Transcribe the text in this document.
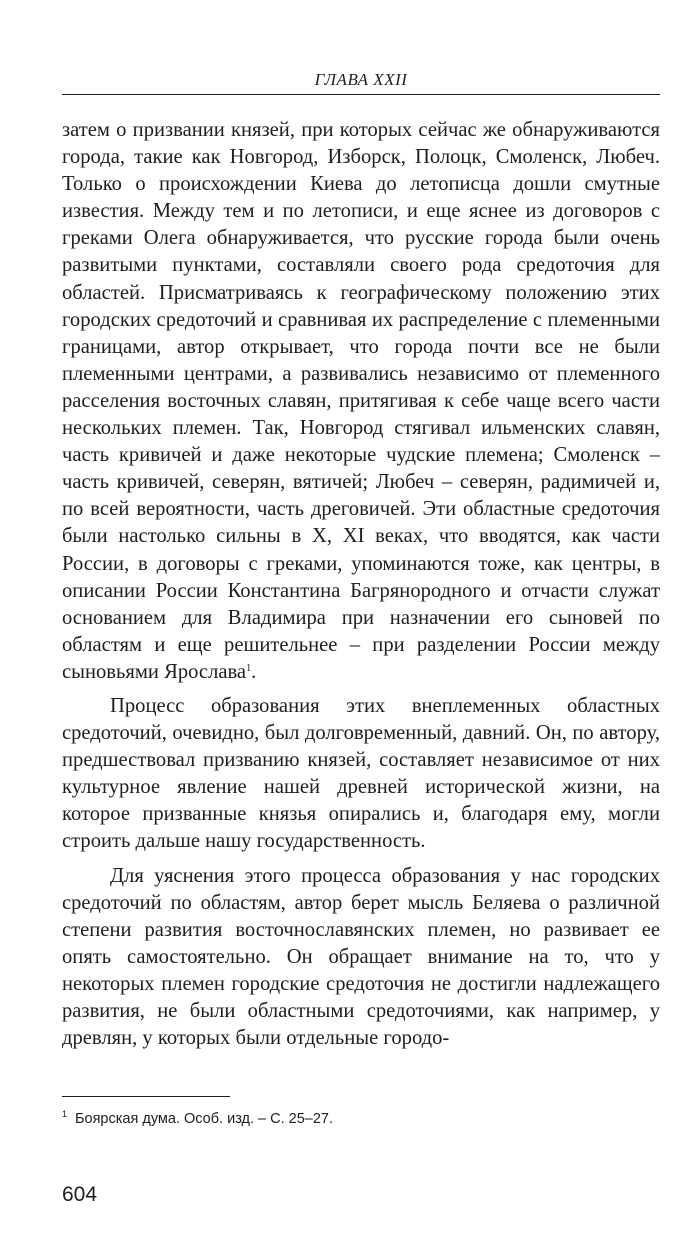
ГЛАВА XXII

затем о призвании князей, при которых сейчас же обнаруживаются города, такие как Новгород, Изборск, Полоцк, Смоленск, Любеч. Только о происхождении Киева до летописца дошли смутные известия. Между тем и по летописи, и еще яснее из договоров с греками Олега обнаруживается, что русские города были очень развитыми пунктами, составляли своего рода средоточия для областей. Присматриваясь к географическому положению этих городских средоточий и сравнивая их распределение с племенными границами, автор открывает, что города почти все не были племенными центрами, а развивались независимо от племенного расселения восточных славян, притягивая к себе чаще всего части нескольких племен. Так, Новгород стягивал ильменских славян, часть кривичей и даже некоторые чудские племена; Смоленск – часть кривичей, северян, вятичей; Любеч – северян, радимичей и, по всей вероятности, часть дреговичей. Эти областные средоточия были настолько сильны в X, XI веках, что вводятся, как части России, в договоры с греками, упоминаются тоже, как центры, в описании России Константина Багрянородного и отчасти служат основанием для Владимира при назначении его сыновей по областям и еще решительнее – при разделении России между сыновьями Ярослава$^1$.

Процесс образования этих внеплеменных областных средоточий, очевидно, был долговременный, давний. Он, по автору, предшествовал призванию князей, составляет независимое от них культурное явление нашей древней исторической жизни, на которое призванные князья опирались и, благодаря ему, могли строить дальше нашу государственность.

Для уяснения этого процесса образования у нас городских средоточий по областям, автор берет мысль Беляева о различной степени развития восточнославянских племен, но развивает ее опять самостоятельно. Он обращает внимание на то, что у некоторых племен городские средоточия не достигли надлежащего развития, не были областными средоточиями, как например, у древлян, у которых были отдельные городо-

1 Боярская дума. Особ. изд. – С. 25–27.
604
